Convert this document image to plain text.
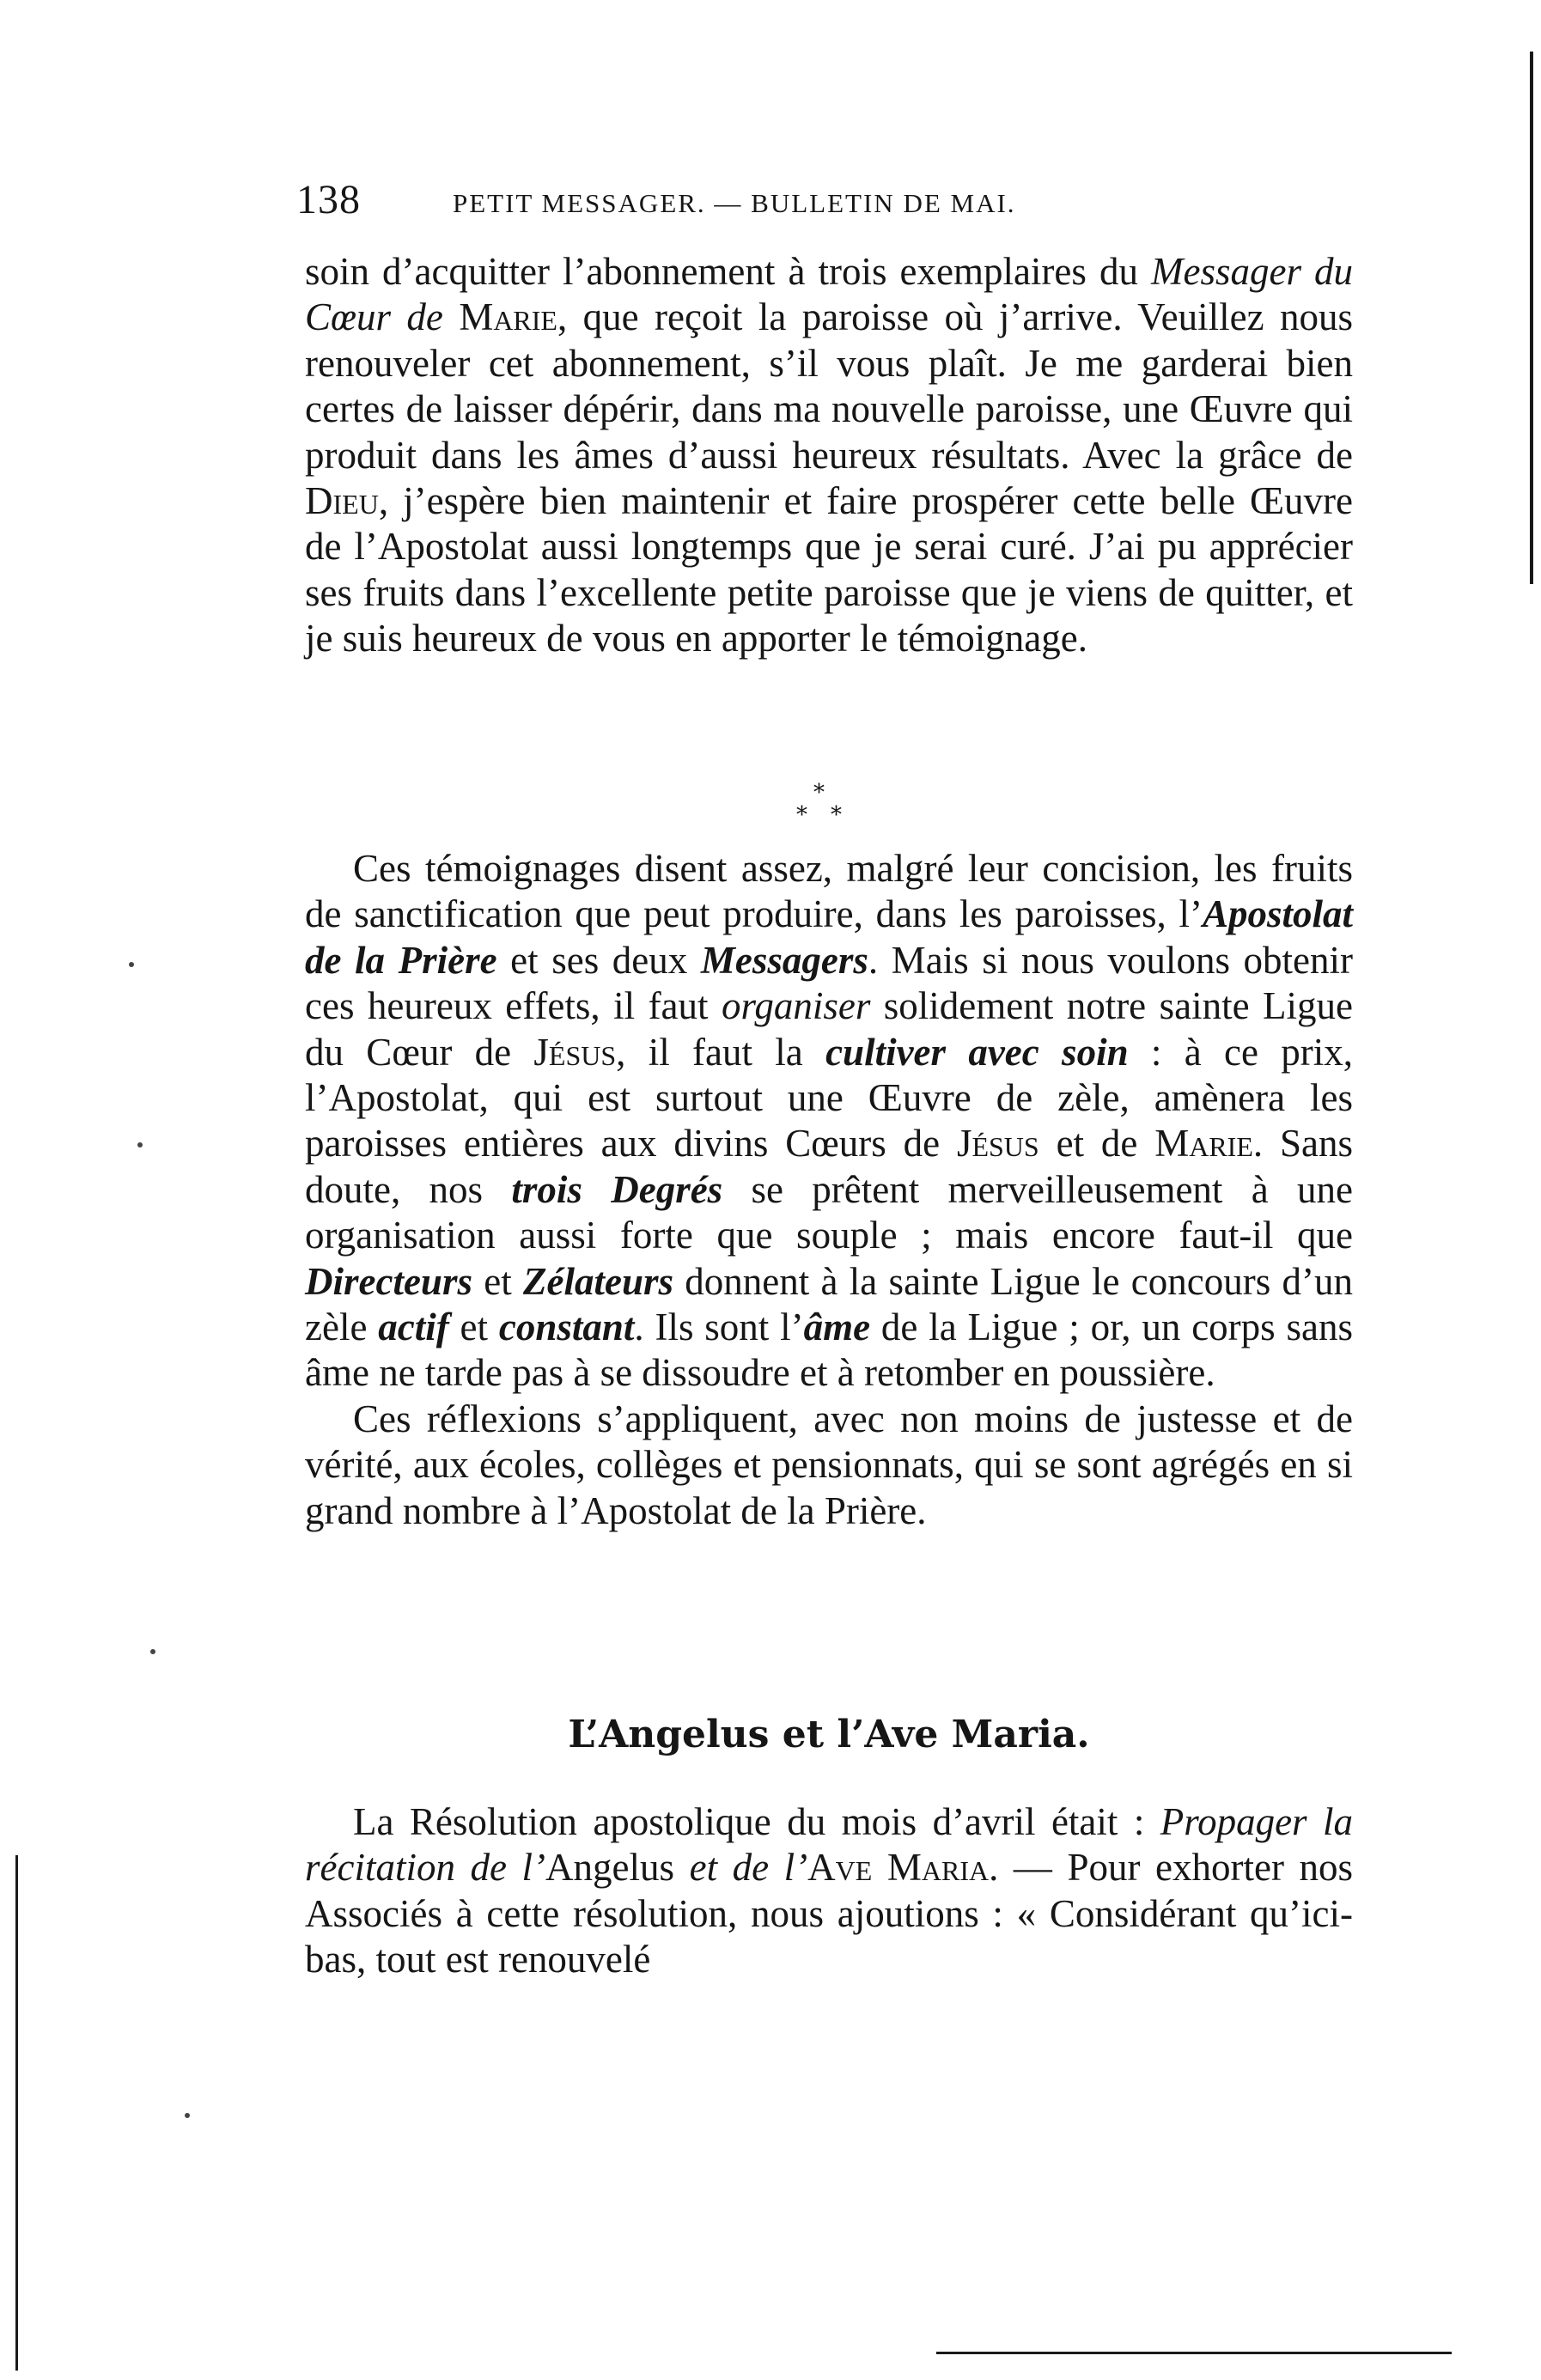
138	PETIT MESSAGER. — BULLETIN DE MAI.

soin d’acquitter l’abonnement à trois exemplaires du Messager du Cœur de Marie, que reçoit la paroisse où j’arrive. Veuillez nous renouveler cet abonnement, s’il vous plaît. Je me garderai bien certes de laisser dépérir, dans ma nouvelle paroisse, une Œuvre qui produit dans les âmes d’aussi heureux résultats. Avec la grâce de Dieu, j’espère bien maintenir et faire prospérer cette belle Œuvre de l’Apostolat aussi longtemps que je serai curé. J’ai pu apprécier ses fruits dans l’excellente petite paroisse que je viens de quitter, et je suis heureux de vous en apporter le témoignage.

*
* *

Ces témoignages disent assez, malgré leur concision, les fruits de sanctification que peut produire, dans les paroisses, l’Apostolat de la Prière et ses deux Messagers. Mais si nous voulons obtenir ces heureux effets, il faut organiser solidement notre sainte Ligue du Cœur de Jésus, il faut la cultiver avec soin : à ce prix, l’Apostolat, qui est surtout une Œuvre de zèle, amènera les paroisses entières aux divins Cœurs de Jésus et de Marie. Sans doute, nos trois Degrés se prêtent merveilleusement à une organisation aussi forte que souple ; mais encore faut-il que Directeurs et Zélateurs donnent à la sainte Ligue le concours d’un zèle actif et constant. Ils sont l’âme de la Ligue ; or, un corps sans âme ne tarde pas à se dissoudre et à retomber en poussière.

Ces réflexions s’appliquent, avec non moins de justesse et de vérité, aux écoles, collèges et pensionnats, qui se sont agrégés en si grand nombre à l’Apostolat de la Prière.

L’Angelus et l’Ave Maria.

La Résolution apostolique du mois d’avril était : Propager la récitation de l’Angelus et de l’Ave Maria. — Pour exhorter nos Associés à cette résolution, nous ajoutions : « Considérant qu’ici-bas, tout est renouvelé
